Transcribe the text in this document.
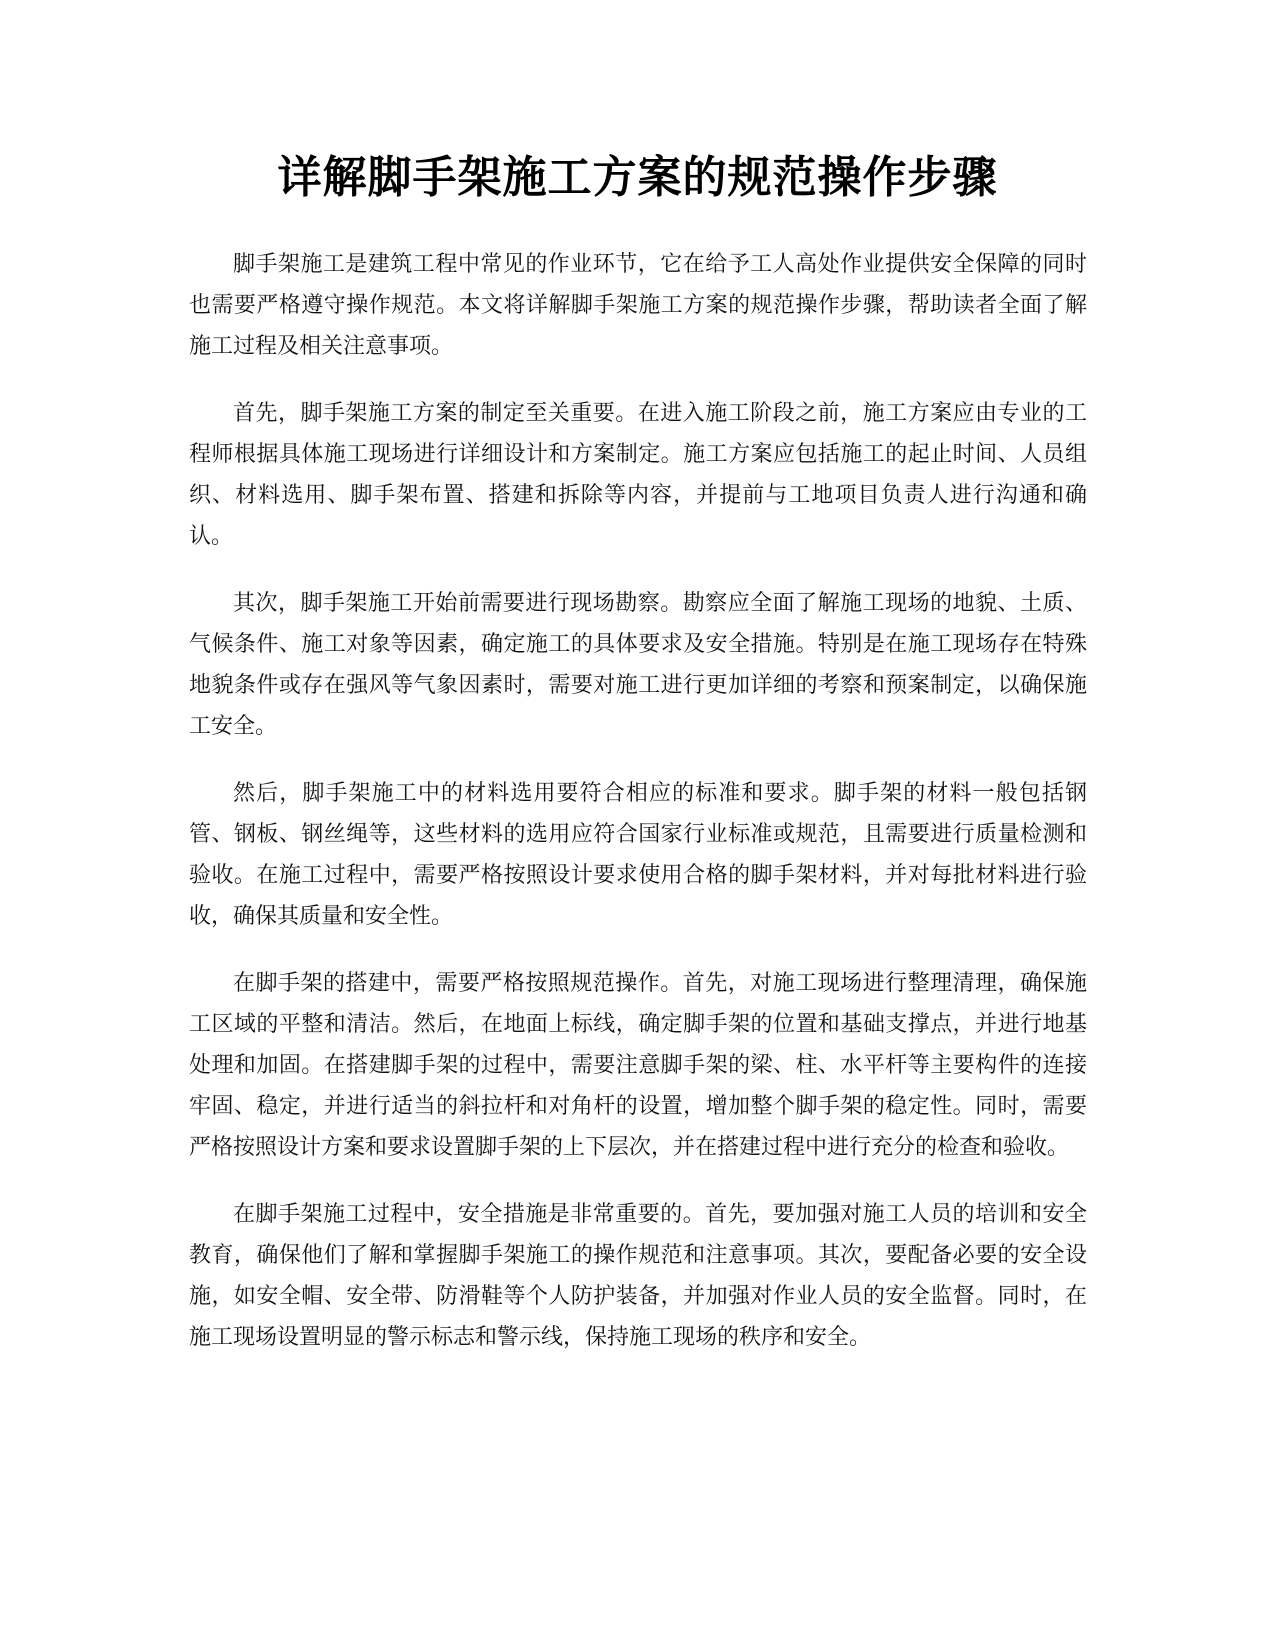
详解脚手架施工方案的规范操作步骤

脚手架施工是建筑工程中常见的作业环节，它在给予工人高处作业提供安全保障的同时也需要严格遵守操作规范。本文将详解脚手架施工方案的规范操作步骤，帮助读者全面了解施工过程及相关注意事项。

首先，脚手架施工方案的制定至关重要。在进入施工阶段之前，施工方案应由专业的工程师根据具体施工现场进行详细设计和方案制定。施工方案应包括施工的起止时间、人员组织、材料选用、脚手架布置、搭建和拆除等内容，并提前与工地项目负责人进行沟通和确认。

其次，脚手架施工开始前需要进行现场勘察。勘察应全面了解施工现场的地貌、土质、气候条件、施工对象等因素，确定施工的具体要求及安全措施。特别是在施工现场存在特殊地貌条件或存在强风等气象因素时，需要对施工进行更加详细的考察和预案制定，以确保施工安全。

然后，脚手架施工中的材料选用要符合相应的标准和要求。脚手架的材料一般包括钢管、钢板、钢丝绳等，这些材料的选用应符合国家行业标准或规范，且需要进行质量检测和验收。在施工过程中，需要严格按照设计要求使用合格的脚手架材料，并对每批材料进行验收，确保其质量和安全性。

在脚手架的搭建中，需要严格按照规范操作。首先，对施工现场进行整理清理，确保施工区域的平整和清洁。然后，在地面上标线，确定脚手架的位置和基础支撑点，并进行地基处理和加固。在搭建脚手架的过程中，需要注意脚手架的梁、柱、水平杆等主要构件的连接牢固、稳定，并进行适当的斜拉杆和对角杆的设置，增加整个脚手架的稳定性。同时，需要严格按照设计方案和要求设置脚手架的上下层次，并在搭建过程中进行充分的检查和验收。

在脚手架施工过程中，安全措施是非常重要的。首先，要加强对施工人员的培训和安全教育，确保他们了解和掌握脚手架施工的操作规范和注意事项。其次，要配备必要的安全设施，如安全帽、安全带、防滑鞋等个人防护装备，并加强对作业人员的安全监督。同时，在施工现场设置明显的警示标志和警示线，保持施工现场的秩序和安全。
